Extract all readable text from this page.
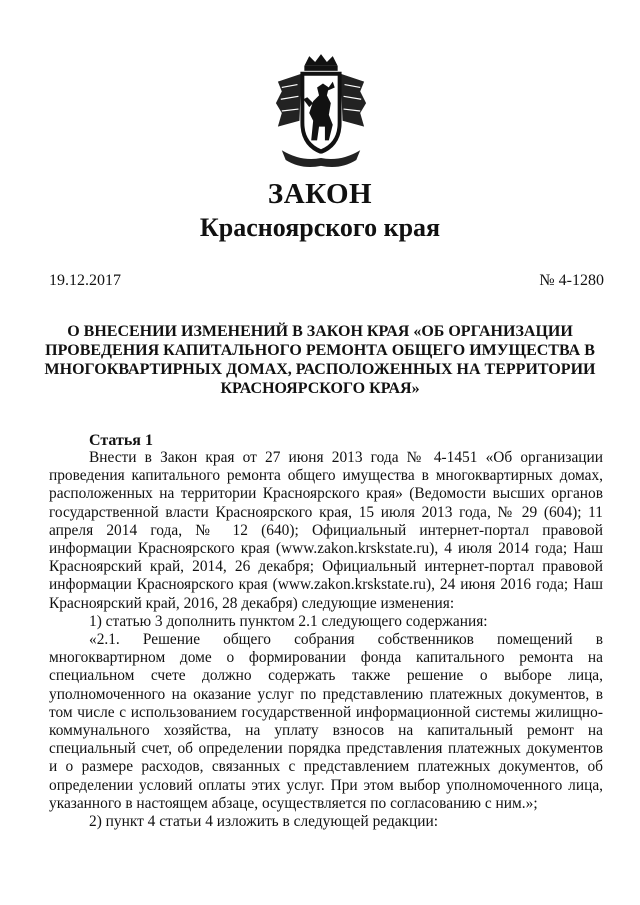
ЗАКОН
Красноярского края
19.12.2017	№ 4-1280
О ВНЕСЕНИИ ИЗМЕНЕНИЙ В ЗАКОН КРАЯ «ОБ ОРГАНИЗАЦИИ ПРОВЕДЕНИЯ КАПИТАЛЬНОГО РЕМОНТА ОБЩЕГО ИМУЩЕСТВА В МНОГОКВАРТИРНЫХ ДОМАХ, РАСПОЛОЖЕННЫХ НА ТЕРРИТОРИИ КРАСНОЯРСКОГО КРАЯ»
Статья 1

Внести в Закон края от 27 июня 2013 года № 4-1451 «Об организации проведения капитального ремонта общего имущества в многоквартирных домах, расположенных на территории Красноярского края» (Ведомости высших органов государственной власти Красноярского края, 15 июля 2013 года, № 29 (604); 11 апреля 2014 года, № 12 (640); Официальный интернет-портал правовой информации Красноярского края (www.zakon.krskstate.ru), 4 июля 2014 года; Наш Красноярский край, 2014, 26 декабря; Официальный интернет-портал правовой информации Красноярского края (www.zakon.krskstate.ru), 24 июня 2016 года; Наш Красноярский край, 2016, 28 декабря) следующие изменения:

1) статью 3 дополнить пунктом 2.1 следующего содержания:

«2.1. Решение общего собрания собственников помещений в многоквартирном доме о формировании фонда капитального ремонта на специальном счете должно содержать также решение о выборе лица, уполномоченного на оказание услуг по представлению платежных документов, в том числе с использованием государственной информационной системы жилищно-коммунального хозяйства, на уплату взносов на капитальный ремонт на специальный счет, об определении порядка представления платежных документов и о размере расходов, связанных с представлением платежных документов, об определении условий оплаты этих услуг. При этом выбор уполномоченного лица, указанного в настоящем абзаце, осуществляется по согласованию с ним.»;

2) пункт 4 статьи 4 изложить в следующей редакции:
